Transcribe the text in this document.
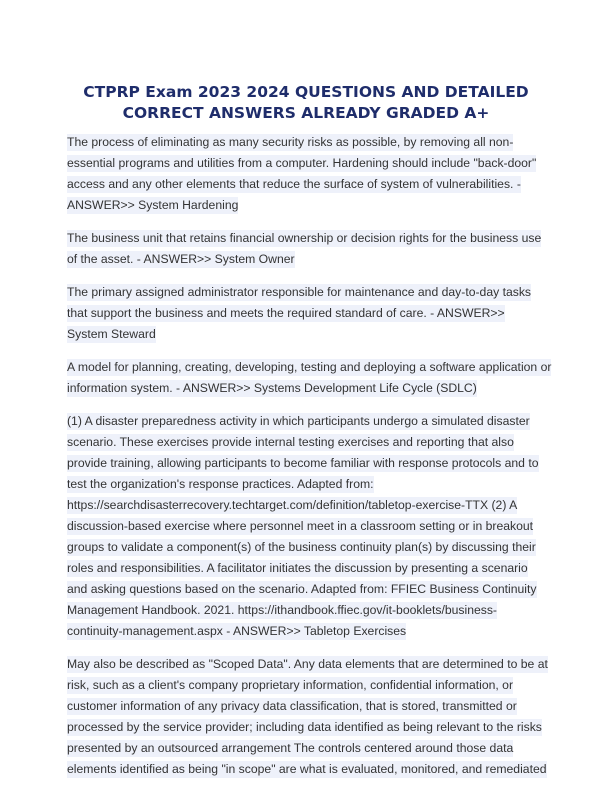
CTPRP Exam 2023 2024 QUESTIONS AND DETAILED
CORRECT ANSWERS ALREADY GRADED A+

The process of eliminating as many security risks as possible, by removing all non-
essential programs and utilities from a computer. Hardening should include "back-door"
access and any other elements that reduce the surface of system of vulnerabilities. -
ANSWER>> System Hardening

The business unit that retains financial ownership or decision rights for the business use
of the asset. - ANSWER>> System Owner

The primary assigned administrator responsible for maintenance and day-to-day tasks
that support the business and meets the required standard of care. - ANSWER>>
System Steward

A model for planning, creating, developing, testing and deploying a software application or
information system. - ANSWER>> Systems Development Life Cycle (SDLC)

(1) A disaster preparedness activity in which participants undergo a simulated disaster
scenario. These exercises provide internal testing exercises and reporting that also
provide training, allowing participants to become familiar with response protocols and to
test the organization's response practices. Adapted from:
https://searchdisasterrecovery.techtarget.com/definition/tabletop-exercise-TTX (2) A
discussion-based exercise where personnel meet in a classroom setting or in breakout
groups to validate a component(s) of the business continuity plan(s) by discussing their
roles and responsibilities. A facilitator initiates the discussion by presenting a scenario
and asking questions based on the scenario. Adapted from: FFIEC Business Continuity
Management Handbook. 2021. https://ithandbook.ffiec.gov/it-booklets/business-
continuity-management.aspx - ANSWER>> Tabletop Exercises

May also be described as "Scoped Data". Any data elements that are determined to be at
risk, such as a client's company proprietary information, confidential information, or
customer information of any privacy data classification, that is stored, transmitted or
processed by the service provider; including data identified as being relevant to the risks
presented by an outsourced arrangement The controls centered around those data
elements identified as being "in scope" are what is evaluated, monitored, and remediated
